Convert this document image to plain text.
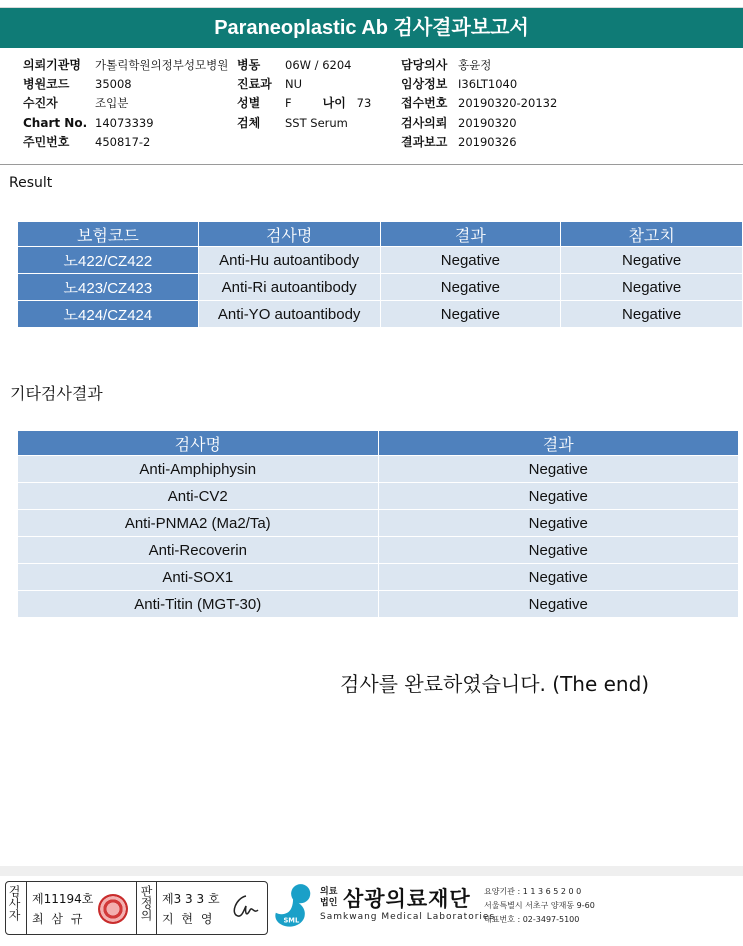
Paraneoplastic Ab 검사결과보고서
의뢰기관명	가톨릭학원의정부성모병원
병원코드	35008
수진자	조입분
Chart No. 14073339
주민번호	450817-2
병동	06W / 6204
진료과	NU
성별	F	나이 73
검체	SST Serum
담당의사 홍윤정
임상정보 I36LT1040
접수번호 20190320-20132
검사의뢰 20190320
결과보고 20190326
Result
보험코드	검사명	결과	참고치
노422/CZ422	Anti-Hu autoantibody	Negative	Negative
노423/CZ423	Anti-Ri autoantibody	Negative	Negative
노424/CZ424	Anti-YO autoantibody	Negative	Negative
기타검사결과
검사명	결과
Anti-Amphiphysin	Negative
Anti-CV2	Negative
Anti-PNMA2 (Ma2/Ta)	Negative
Anti-Recoverin	Negative
Anti-SOX1	Negative
Anti-Titin (MGT-30)	Negative
검사를 완료하였습니다. (The end)
검사자 제11194호
최 삼 규	판정의 제3 3 3 호
지 현 영	SML
의료법인 삼광의료재단
Samkwang Medical Laboratories
요양기관 : 1 1 3 6 5 2 0 0
서울특별시 서초구 양재동 9-60
대표번호 : 02-3497-5100
